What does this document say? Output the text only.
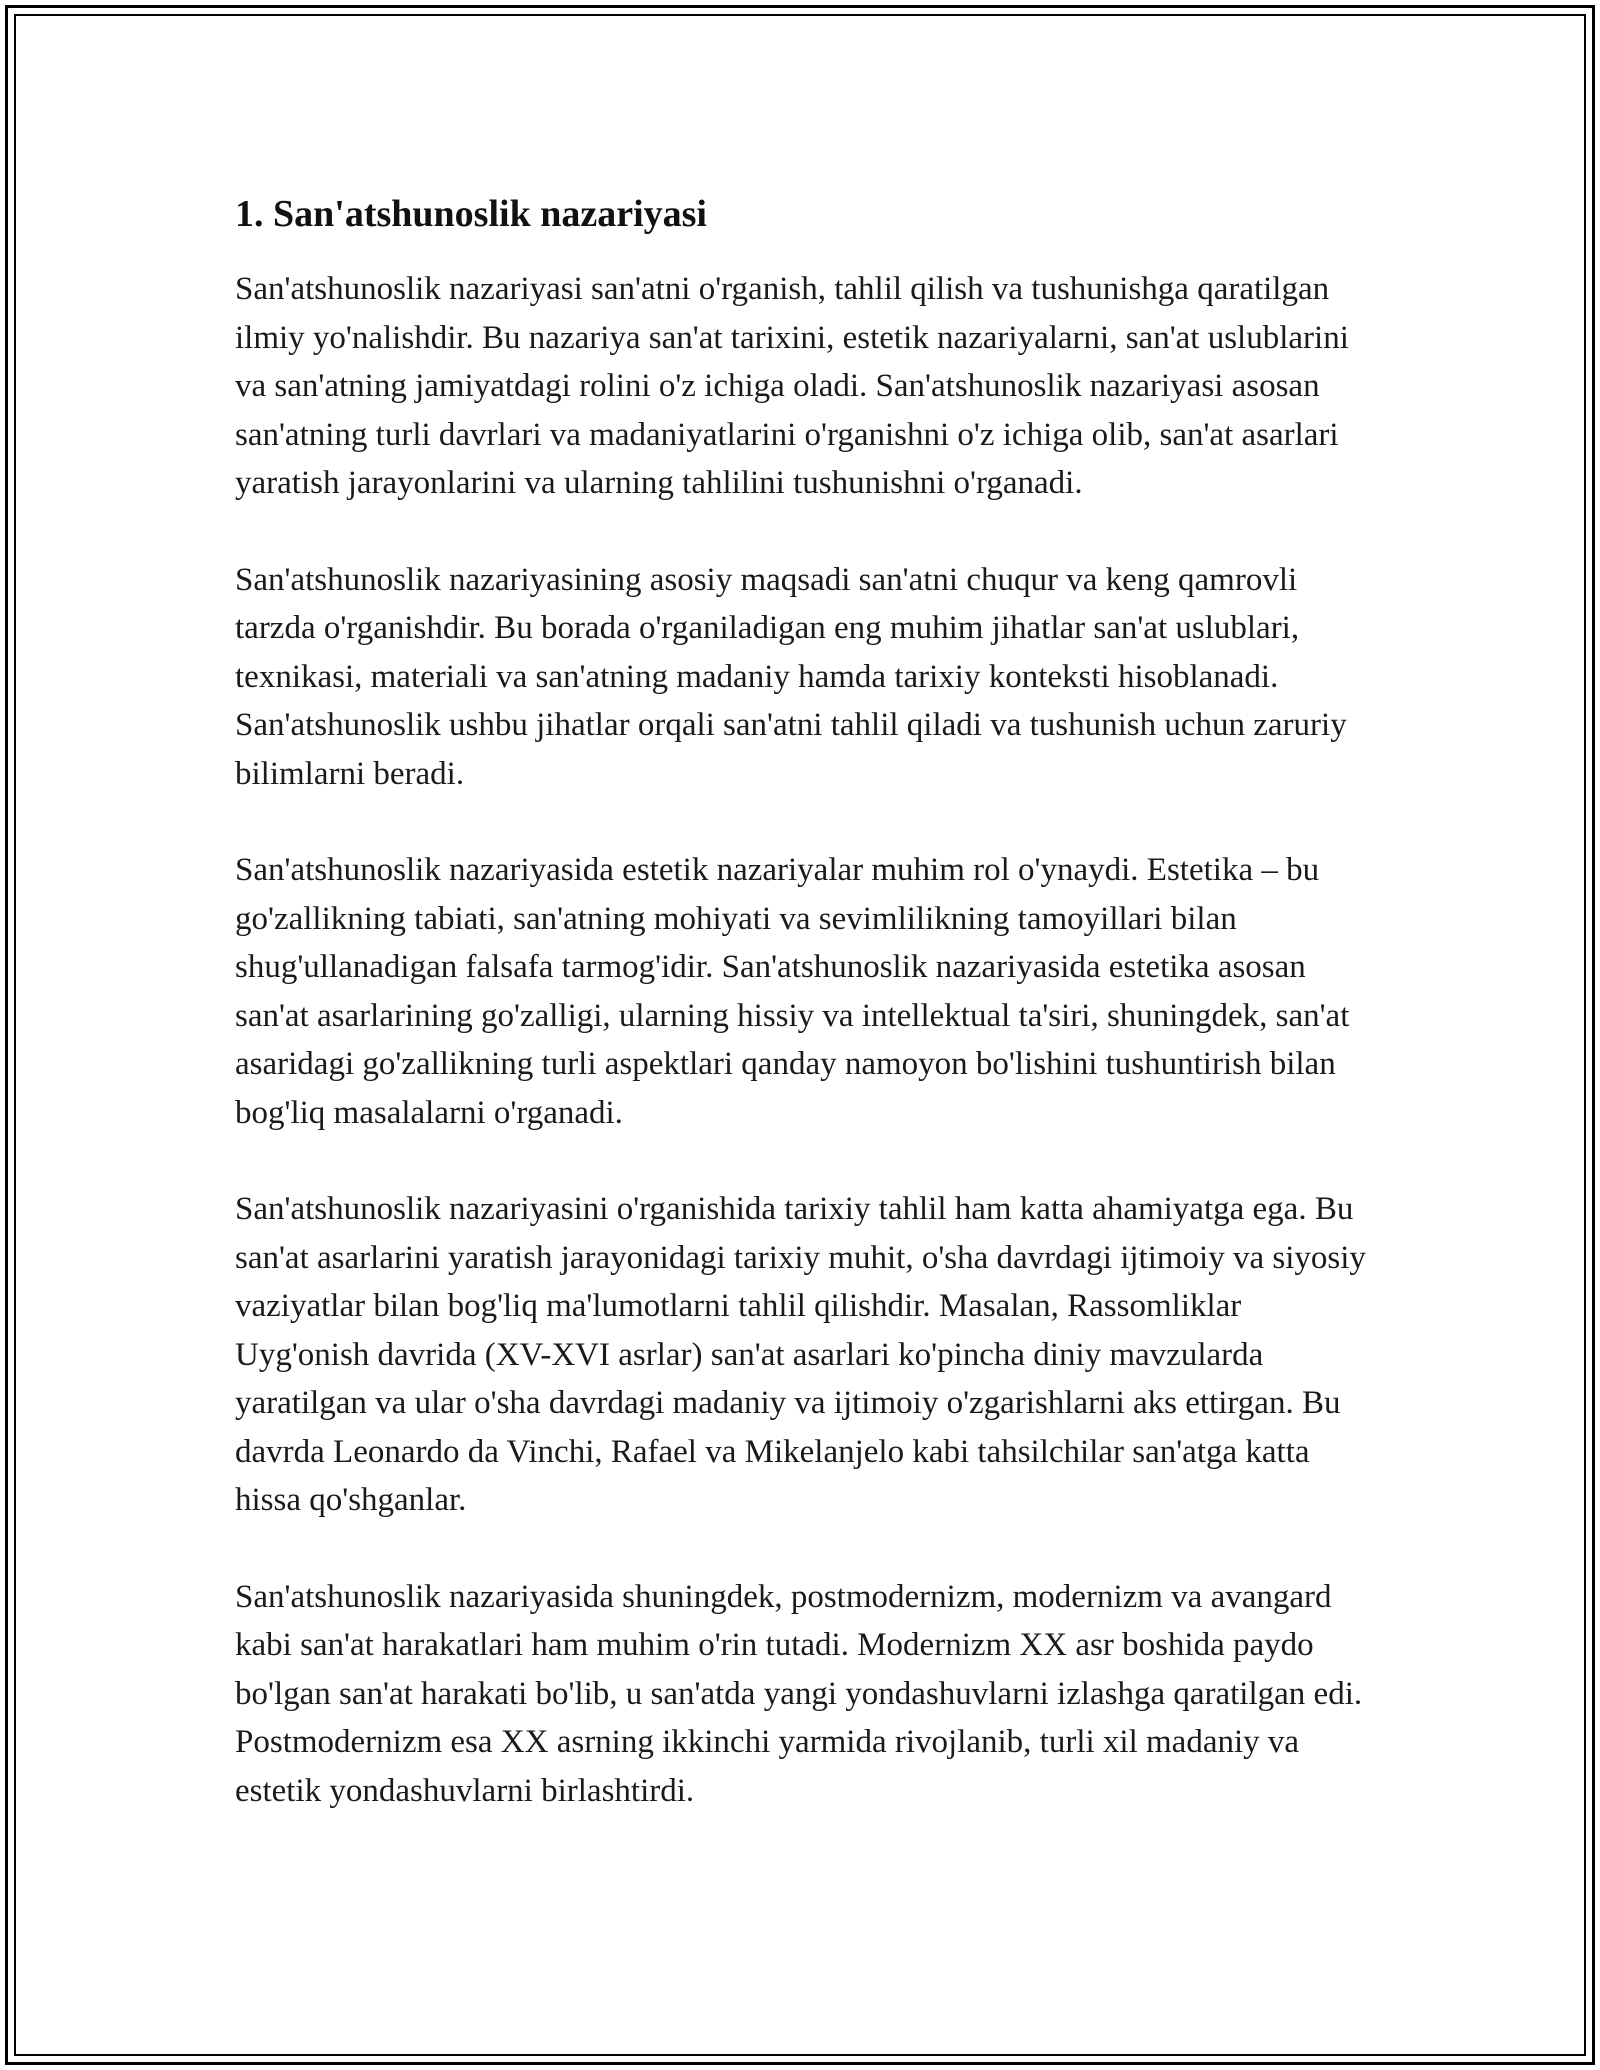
1. San'atshunoslik nazariyasi

San'atshunoslik nazariyasi san'atni o'rganish, tahlil qilish va tushunishga qaratilgan ilmiy yo'nalishdir. Bu nazariya san'at tarixini, estetik nazariyalarni, san'at uslublarini va san'atning jamiyatdagi rolini o'z ichiga oladi. San'atshunoslik nazariyasi asosan san'atning turli davrlari va madaniyatlarini o'rganishni o'z ichiga olib, san'at asarlari yaratish jarayonlarini va ularning tahlilini tushunishni o'rganadi.

San'atshunoslik nazariyasining asosiy maqsadi san'atni chuqur va keng qamrovli tarzda o'rganishdir. Bu borada o'rganiladigan eng muhim jihatlar san'at uslublari, texnikasi, materiali va san'atning madaniy hamda tarixiy konteksti hisoblanadi. San'atshunoslik ushbu jihatlar orqali san'atni tahlil qiladi va tushunish uchun zaruriy bilimlarni beradi.

San'atshunoslik nazariyasida estetik nazariyalar muhim rol o'ynaydi. Estetika – bu go'zallikning tabiati, san'atning mohiyati va sevimlilikning tamoyillari bilan shug'ullanadigan falsafa tarmog'idir. San'atshunoslik nazariyasida estetika asosan san'at asarlarining go'zalligi, ularning hissiy va intellektual ta'siri, shuningdek, san'at asaridagi go'zallikning turli aspektlari qanday namoyon bo'lishini tushuntirish bilan bog'liq masalalarni o'rganadi.

San'atshunoslik nazariyasini o'rganishida tarixiy tahlil ham katta ahamiyatga ega. Bu san'at asarlarini yaratish jarayonidagi tarixiy muhit, o'sha davrdagi ijtimoiy va siyosiy vaziyatlar bilan bog'liq ma'lumotlarni tahlil qilishdir. Masalan, Rassomliklar Uyg'onish davrida (XV-XVI asrlar) san'at asarlari ko'pincha diniy mavzularda yaratilgan va ular o'sha davrdagi madaniy va ijtimoiy o'zgarishlarni aks ettirgan. Bu davrda Leonardo da Vinchi, Rafael va Mikelanjelo kabi tahsilchilar san'atga katta hissa qo'shganlar.

San'atshunoslik nazariyasida shuningdek, postmodernizm, modernizm va avangard kabi san'at harakatlari ham muhim o'rin tutadi. Modernizm XX asr boshida paydo bo'lgan san'at harakati bo'lib, u san'atda yangi yondashuvlarni izlashga qaratilgan edi. Postmodernizm esa XX asrning ikkinchi yarmida rivojlanib, turli xil madaniy va estetik yondashuvlarni birlashtirdi.
